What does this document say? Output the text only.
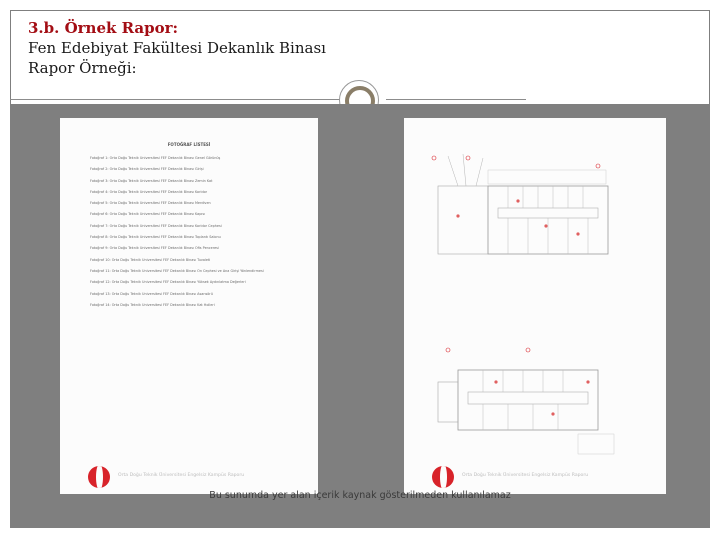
3.b. Örnek Rapor:
Fen Edebiyat Fakültesi Dekanlık Binası
Rapor Örneği:
FOTOĞRAF LİSTESİ
Fotoğraf 1: Orta Doğu Teknik Üniversitesi FEF Dekanlık Binası Genel Görünüş
Fotoğraf 2: Orta Doğu Teknik Üniversitesi FEF Dekanlık Binası Girişi
Fotoğraf 3: Orta Doğu Teknik Üniversitesi FEF Dekanlık Binası Zemin Kat
Fotoğraf 4: Orta Doğu Teknik Üniversitesi FEF Dekanlık Binası Koridor
Fotoğraf 5: Orta Doğu Teknik Üniversitesi FEF Dekanlık Binası Merdiven
Fotoğraf 6: Orta Doğu Teknik Üniversitesi FEF Dekanlık Binası Kapısı
Fotoğraf 7: Orta Doğu Teknik Üniversitesi FEF Dekanlık Binası Koridor Cephesi
Fotoğraf 8: Orta Doğu Teknik Üniversitesi FEF Dekanlık Binası Toplantı Salonu
Fotoğraf 9: Orta Doğu Teknik Üniversitesi FEF Dekanlık Binası Ofis Penceresi
Fotoğraf 10: Orta Doğu Teknik Üniversitesi FEF Dekanlık Binası Tuvaleti
Fotoğraf 11: Orta Doğu Teknik Üniversitesi FEF Dekanlık Binası Ön Cephesi ve Ana Girişi Yönlendirmesi
Fotoğraf 12: Orta Doğu Teknik Üniversitesi FEF Dekanlık Binası Yüksek Aydınlatma Değerleri
Fotoğraf 13: Orta Doğu Teknik Üniversitesi FEF Dekanlık Binası Asansörü
Fotoğraf 14: Orta Doğu Teknik Üniversitesi FEF Dekanlık Binası Kat Holleri
Orta Doğu Teknik Üniversitesi Engelsiz Kampüs Raporu	Orta Doğu Teknik Üniversitesi Engelsiz Kampüs Raporu
Bu sunumda yer alan içerik kaynak gösterilmeden kullanılamaz
